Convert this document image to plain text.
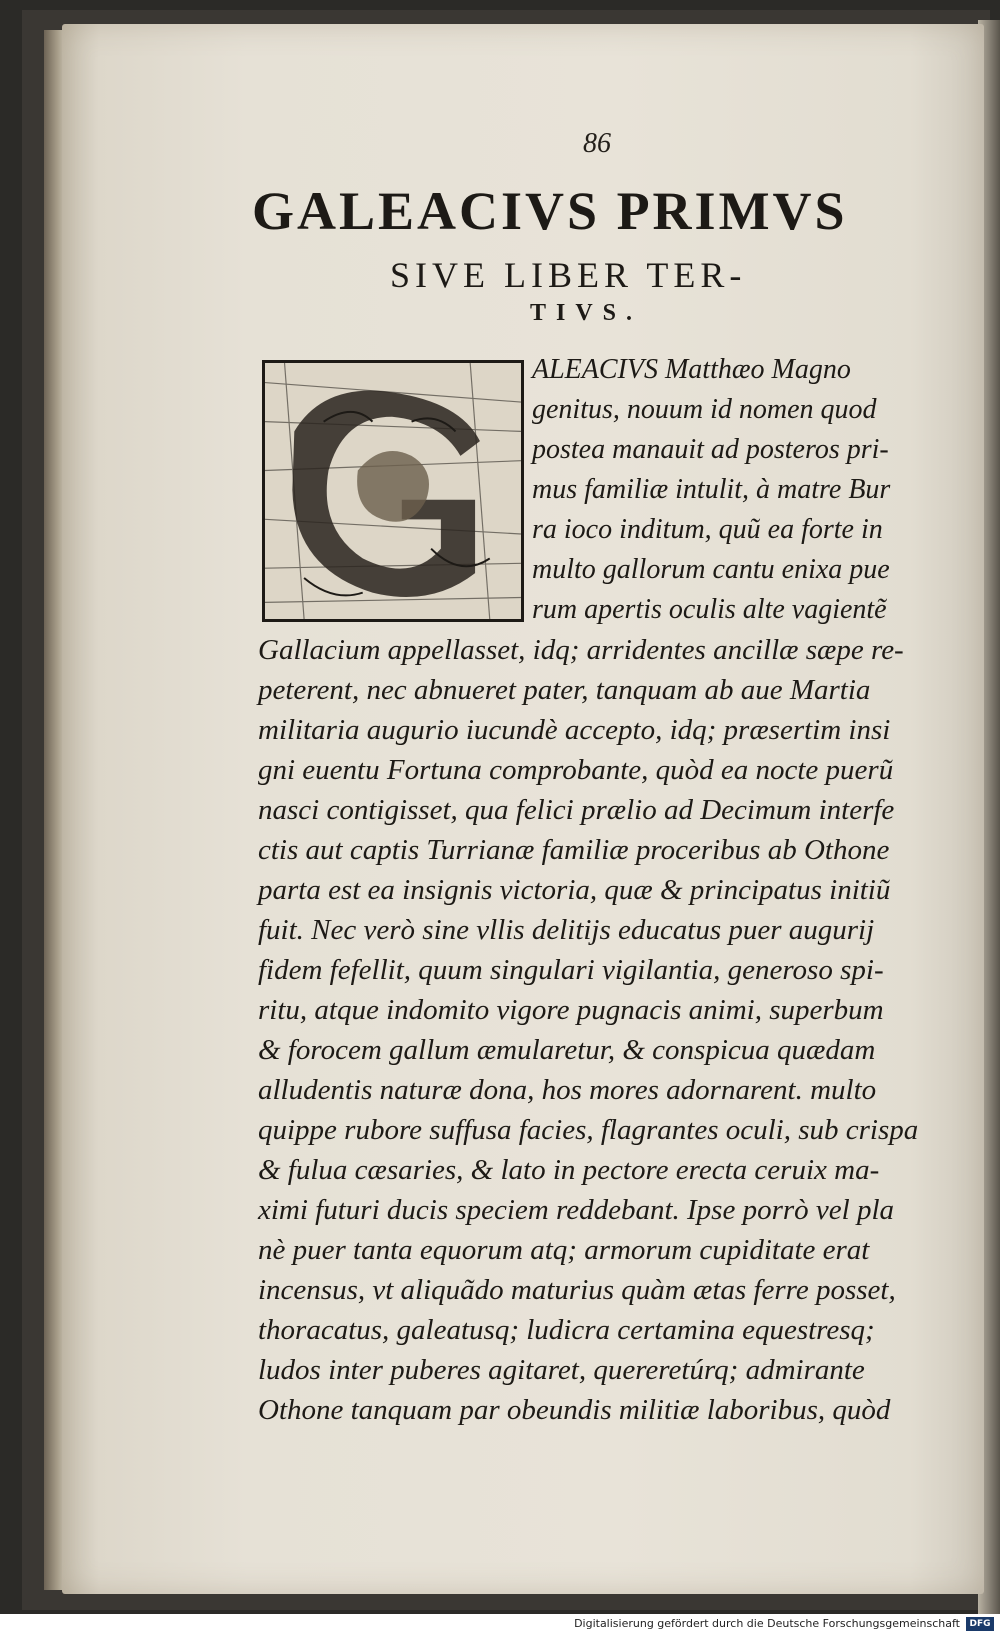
86
GALEACIVS PRIMVS
SIVE LIBER TER-
TIVS.
ALEACIVS Matthæo Magno
genitus, nouum id nomen quod
postea manauit ad posteros pri-
mus familiæ intulit, à matre Bur
ra ioco inditum, quũ ea forte in
multo gallorum cantu enixa pue
rum apertis oculis alte vagientẽ
Gallacium appellasset, idq; arridentes ancillæ sæpe re-
peterent, nec abnueret pater, tanquam ab aue Martia
militaria augurio iucundè accepto, idq; præsertim insi
gni euentu Fortuna comprobante, quòd ea nocte puerũ
nasci contigisset, qua felici prælio ad Decimum interfe
ctis aut captis Turrianæ familiæ proceribus ab Othone
parta est ea insignis victoria, quæ & principatus initiũ
fuit. Nec verò sine vllis delitijs educatus puer augurij
fidem fefellit, quum singulari vigilantia, generoso spi-
ritu, atque indomito vigore pugnacis animi, superbum
& forocem gallum æmularetur, & conspicua quædam
alludentis naturæ dona, hos mores adornarent. multo
quippe rubore suffusa facies, flagrantes oculi, sub crispa
& fulua cæsaries, & lato in pectore erecta ceruix ma-
ximi futuri ducis speciem reddebant. Ipse porrò vel pla
nè puer tanta equorum atq; armorum cupiditate erat
incensus, vt aliquãdo maturius quàm ætas ferre posset,
thoracatus, galeatusq; ludicra certamina equestresq;
ludos inter puberes agitaret, quereretúrq; admirante
Othone tanquam par obeundis militiæ laboribus, quòd
Digitalisierung gefördert durch die Deutsche Forschungsgemeinschaft	DFG
